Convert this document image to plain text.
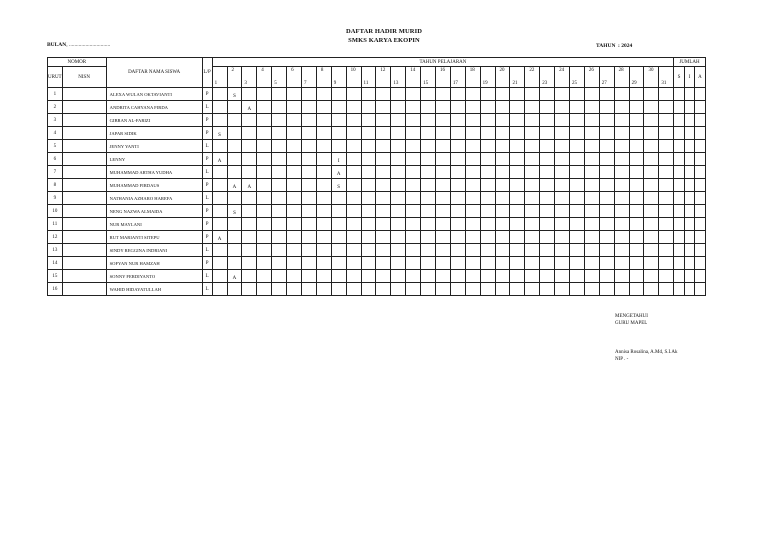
DAFTAR HADIR MURID
SMKS KARYA EKOPIN
BULAN, ..............................	TAHUN : 2024
NOMOR		DAFTAR NAMA SISWA	L/P	TAHUN PELAJARAN																															JUMLAH		
URUT	NISN			1	2	3	4	5	6	7	8	9	10	11	12	13	14	15	16	17	18	19	20	21	22	23	24	25	26	27	28	29	30	31	S	I	A
1		ALEXA WULAN OKTAVIANTI	P		S																																
2		ANDRITA CAHYANA FIRDA	L			A																															
3		GIBRAN AL-FARIZI	P																																		
4		JAPAR SIDIK	P	S																																	
5		JENNY YANTI	L																																		
6		LENNY	P	A								I																									
7		MUHAMMAD ARTHA YUDHA	L									A																									
8		MUHAMMAD FIRDAUS	P		A	A						S																									
9		NATHANIA AZHARO HAREFA	L																																		
10		NENG NAZWA ALMAIDA	P		S																																
11		NUR MAYLANI	P																																		
12		RUT MARIANTI SITEPU	P	A																																	
13		SINDY REGGINA INDRIANI	L																																		
14		SOFYAN NUR HAMZAH	P																																		
15		SONNY FERDIYANTO	L		A																																
16		WAHID HIDAYATULLAH	L																																		
MENGETAHUI
GURU MAPEL
Annisa Rosalina, A.Md, S.I.Ak
NIP . -
